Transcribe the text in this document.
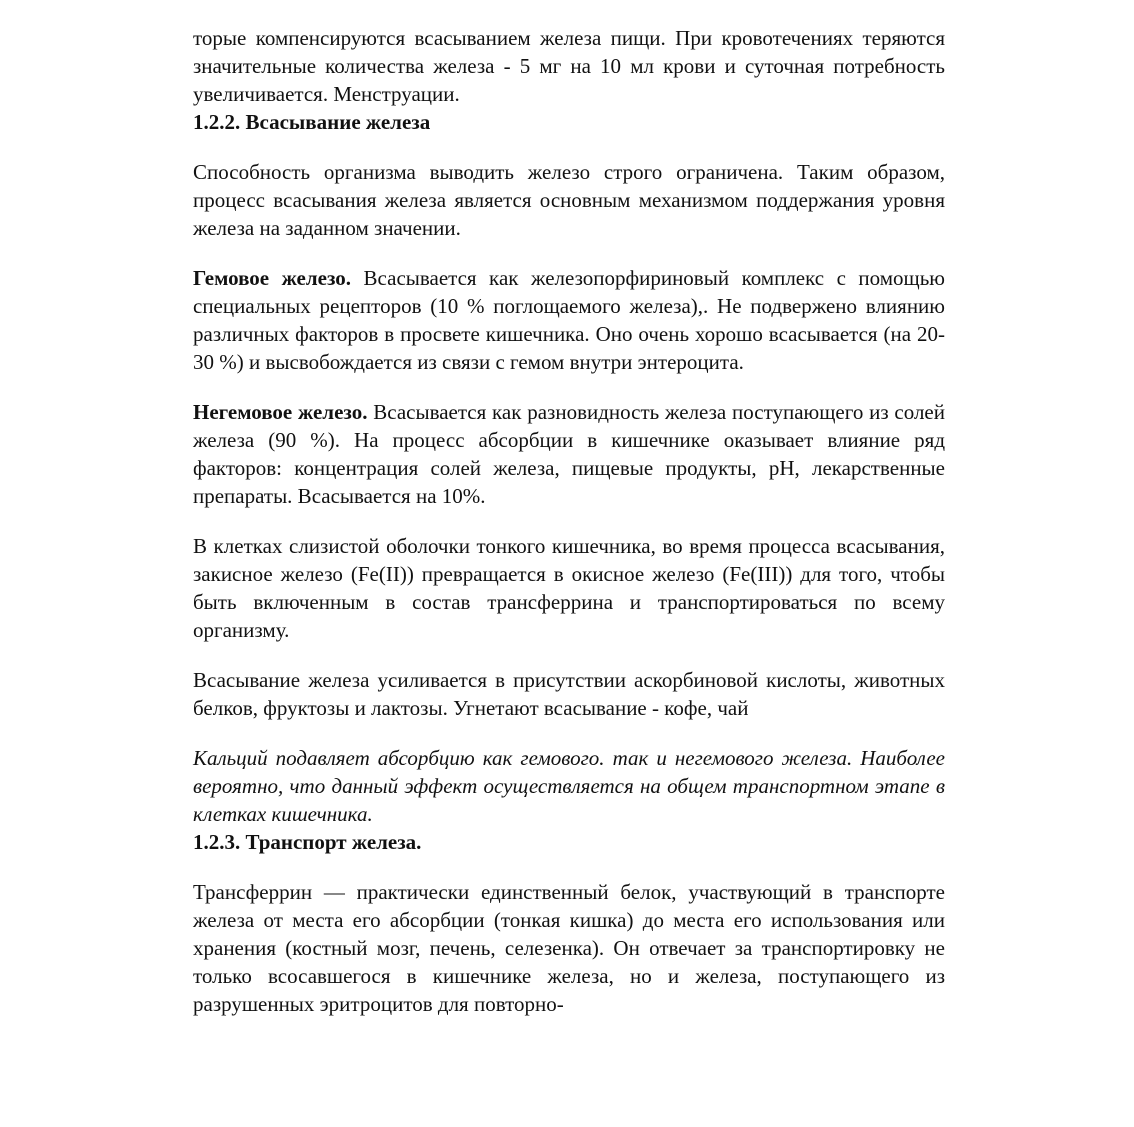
торые компенсируются всасыванием железа пищи. При кровотечениях теряются значительные количества железа - 5 мг на 10 мл крови и суточная потребность увеличивается. Менструации.

1.2.2. Всасывание железа

Способность организма выводить железо строго ограничена. Таким образом, процесс всасывания железа является основным механизмом поддержания уровня железа на заданном значении.

Гемовое железо. Всасывается как железопорфириновый комплекс с помощью специальных рецепторов (10 % поглощаемого железа),. Не подвержено влиянию различных факторов в просвете кишечника. Оно очень хорошо всасывается (на 20-30 %) и высвобождается из связи с гемом внутри энтероцита.

Негемовое железо. Всасывается как разновидность железа поступающего из солей железа (90 %). На процесс абсорбции в кишечнике оказывает влияние ряд факторов: концентрация солей железа, пищевые продукты, pH, лекарственные препараты. Всасывается на 10%.

В клетках слизистой оболочки тонкого кишечника, во время процесса всасывания, закисное железо (Fe(II)) превращается в окисное железо (Fe(III)) для того, чтобы быть включенным в состав трансферрина и транспортироваться по всему организму.

Всасывание железа усиливается в присутствии аскорбиновой кислоты, животных белков, фруктозы и лактозы. Угнетают всасывание - кофе, чай

Кальций подавляет абсорбцию как гемового. так и негемового железа. Наиболее вероятно, что данный эффект осуществляется на общем транспортном этапе в клетках кишечника.

1.2.3. Транспорт железа.

Трансферрин — практически единственный белок, участвующий в транспорте железа от места его абсорбции (тонкая кишка) до места его использования или хранения (костный мозг, печень, селезенка). Он отвечает за транспортировку не только всосавшегося в кишечнике железа, но и железа, поступающего из разрушенных эритроцитов для повторно-
